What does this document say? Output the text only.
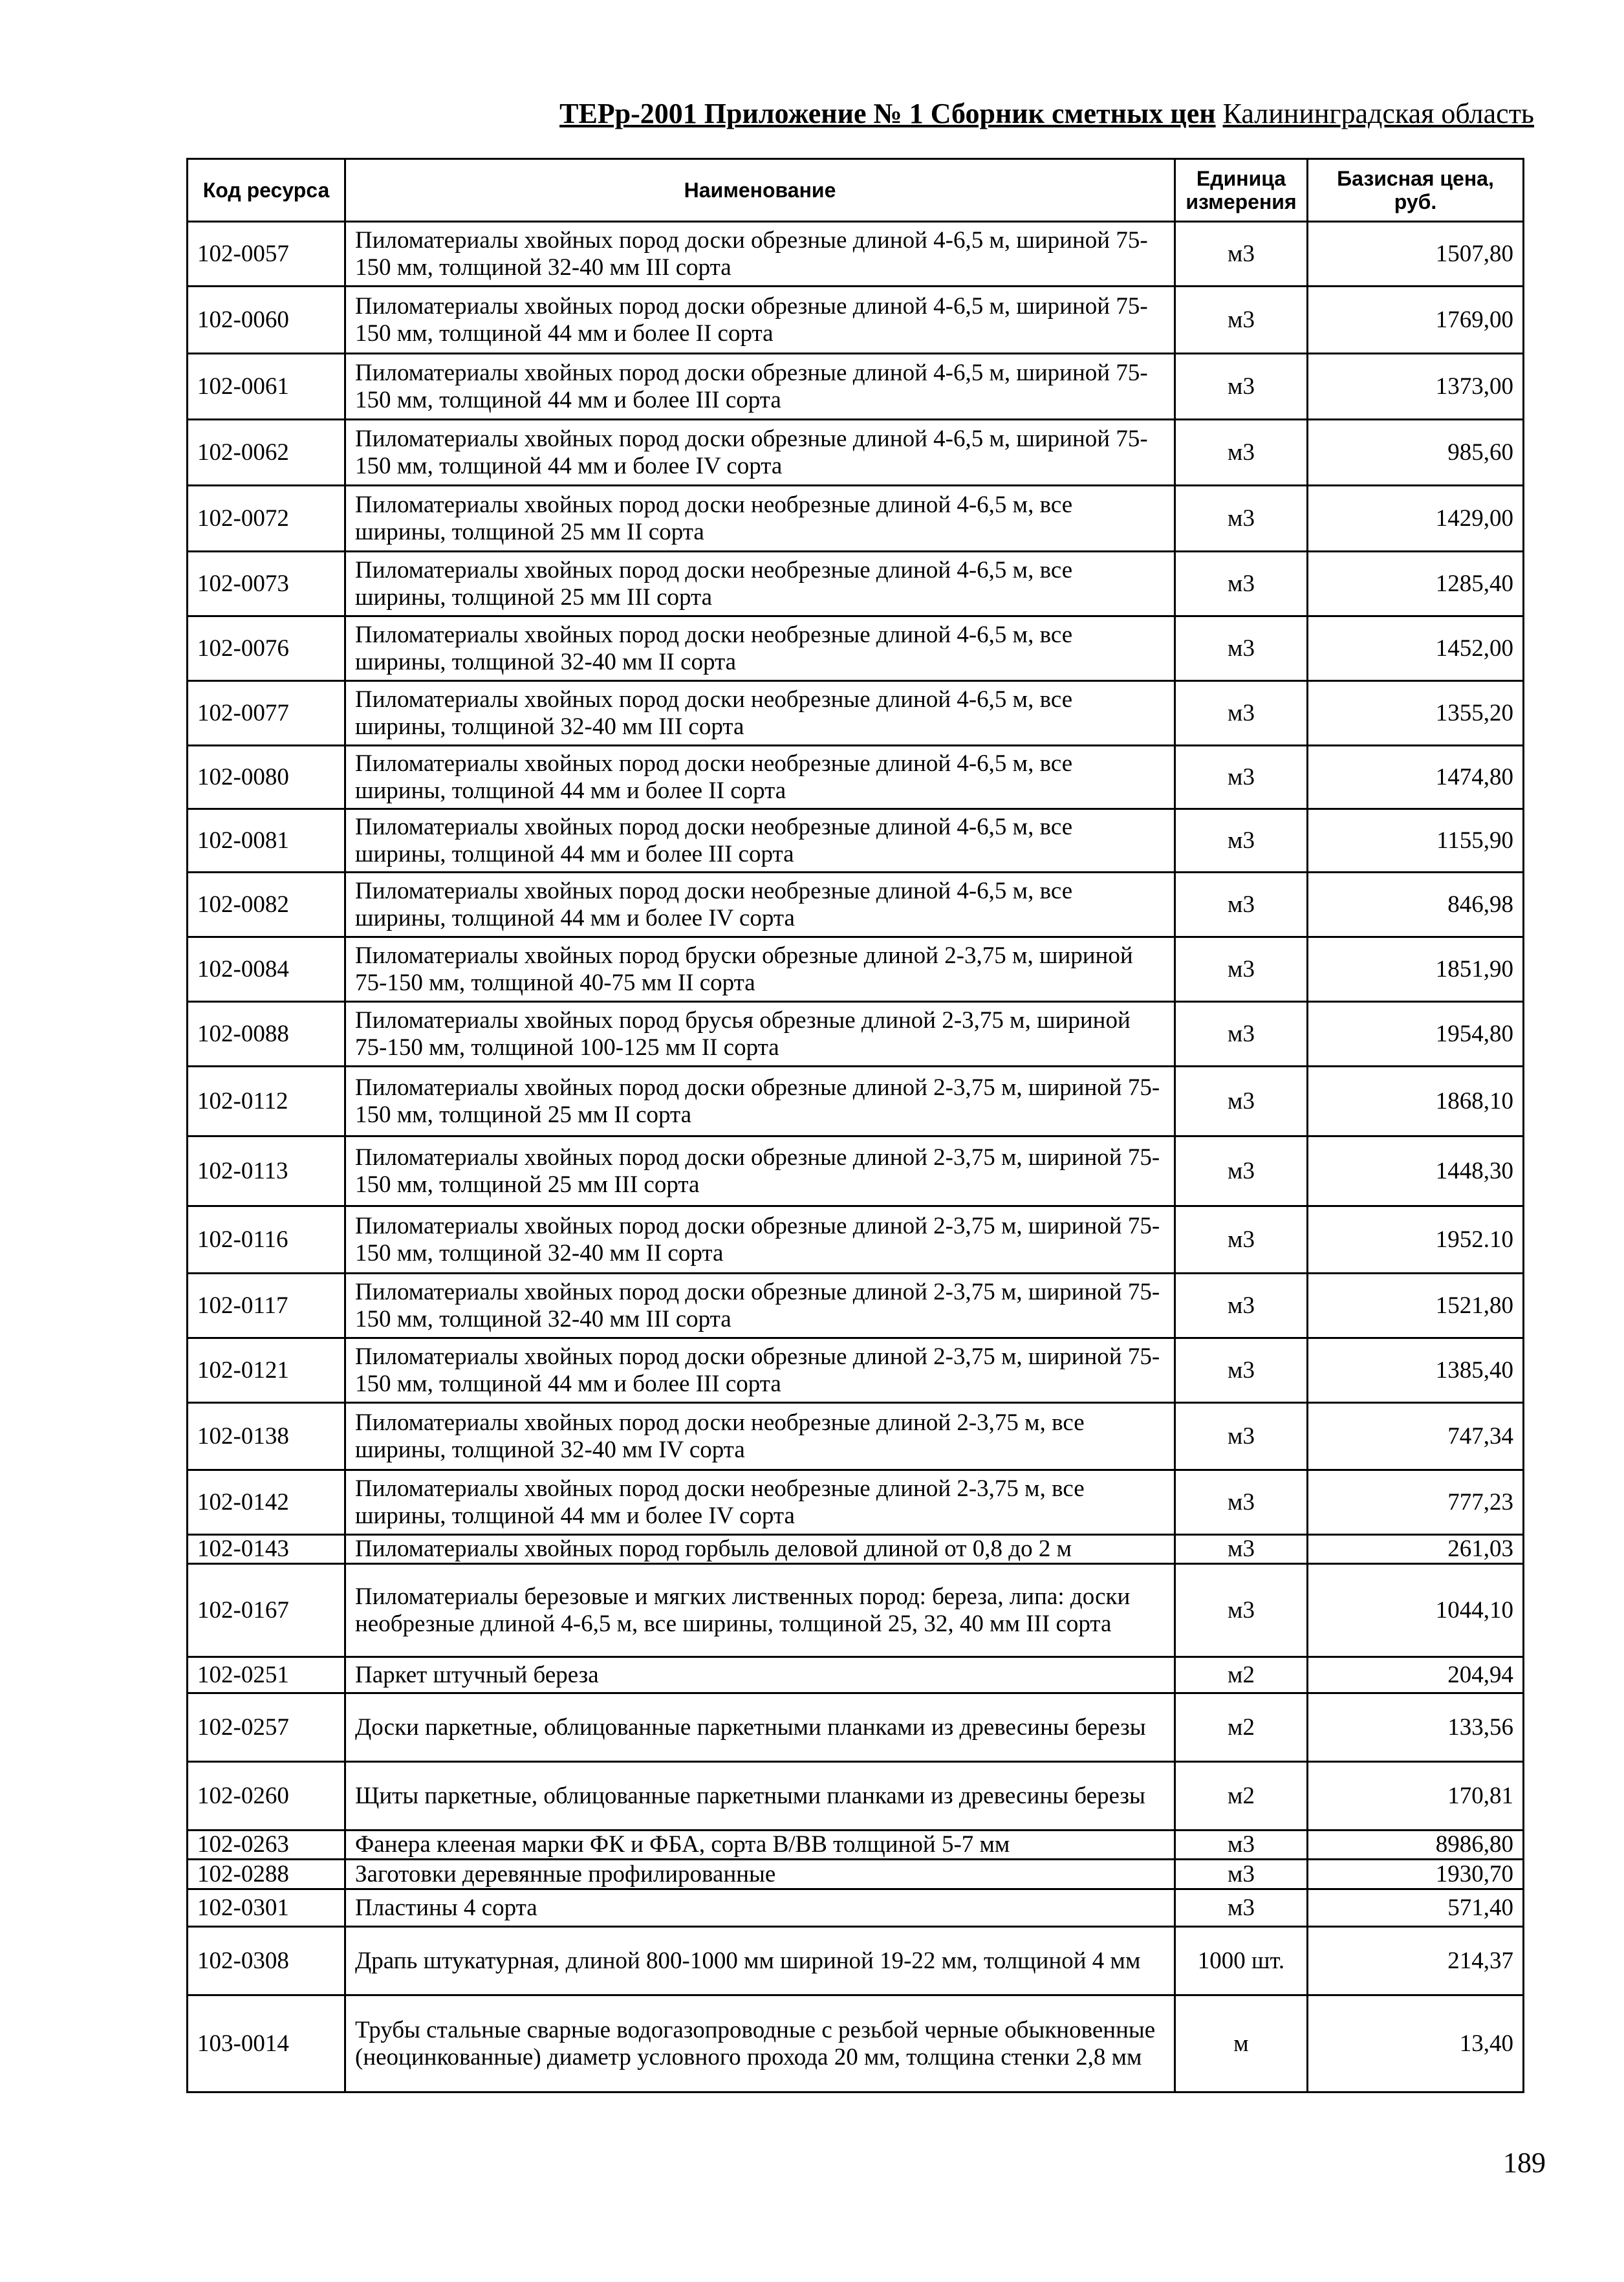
ТЕРр-2001 Приложение № 1 Сборник сметных цен Калининградская область
Код ресурса	Наименование	Единица измерения	Базисная цена, руб.
102-0057	Пиломатериалы хвойных пород доски обрезные длиной 4-6,5 м, шириной 75-150 мм, толщиной 32-40 мм III сорта	м3	1507,80
102-0060	Пиломатериалы хвойных пород доски обрезные длиной 4-6,5 м, шириной 75-150 мм, толщиной 44 мм и более II сорта	м3	1769,00
102-0061	Пиломатериалы хвойных пород доски обрезные длиной 4-6,5 м, шириной 75-150 мм, толщиной 44 мм и более III сорта	м3	1373,00
102-0062	Пиломатериалы хвойных пород доски обрезные длиной 4-6,5 м, шириной 75-150 мм, толщиной 44 мм и более IV сорта	м3	985,60
102-0072	Пиломатериалы хвойных пород доски необрезные длиной 4-6,5 м, все ширины, толщиной 25 мм II сорта	м3	1429,00
102-0073	Пиломатериалы хвойных пород доски необрезные длиной 4-6,5 м, все ширины, толщиной 25 мм III сорта	м3	1285,40
102-0076	Пиломатериалы хвойных пород доски необрезные длиной 4-6,5 м, все ширины, толщиной 32-40 мм II сорта	м3	1452,00
102-0077	Пиломатериалы хвойных пород доски необрезные длиной 4-6,5 м, все ширины, толщиной 32-40 мм III сорта	м3	1355,20
102-0080	Пиломатериалы хвойных пород доски необрезные длиной 4-6,5 м, все ширины, толщиной 44 мм и более II сорта	м3	1474,80
102-0081	Пиломатериалы хвойных пород доски необрезные длиной 4-6,5 м, все ширины, толщиной 44 мм и более III сорта	м3	1155,90
102-0082	Пиломатериалы хвойных пород доски необрезные длиной 4-6,5 м, все ширины, толщиной 44 мм и более IV сорта	м3	846,98
102-0084	Пиломатериалы хвойных пород бруски обрезные длиной 2-3,75 м, шириной 75-150 мм, толщиной 40-75 мм II сорта	м3	1851,90
102-0088	Пиломатериалы хвойных пород брусья обрезные длиной 2-3,75 м, шириной 75-150 мм, толщиной 100-125 мм II сорта	м3	1954,80
102-0112	Пиломатериалы хвойных пород доски обрезные длиной 2-3,75 м, шириной 75-150 мм, толщиной 25 мм II сорта	м3	1868,10
102-0113	Пиломатериалы хвойных пород доски обрезные длиной 2-3,75 м, шириной 75-150 мм, толщиной 25 мм III сорта	м3	1448,30
102-0116	Пиломатериалы хвойных пород доски обрезные длиной 2-3,75 м, шириной 75-150 мм, толщиной 32-40 мм II сорта	м3	1952.10
102-0117	Пиломатериалы хвойных пород доски обрезные длиной 2-3,75 м, шириной 75-150 мм, толщиной 32-40 мм III сорта	м3	1521,80
102-0121	Пиломатериалы хвойных пород доски обрезные длиной 2-3,75 м, шириной 75-150 мм, толщиной 44 мм и более III сорта	м3	1385,40
102-0138	Пиломатериалы хвойных пород доски необрезные длиной 2-3,75 м, все ширины, толщиной 32-40 мм IV сорта	м3	747,34
102-0142	Пиломатериалы хвойных пород доски необрезные длиной 2-3,75 м, все ширины, толщиной 44 мм и более IV сорта	м3	777,23
102-0143	Пиломатериалы хвойных пород горбыль деловой длиной от 0,8 до 2 м	м3	261,03
102-0167	Пиломатериалы березовые и мягких лиственных пород: береза, липа: доски необрезные длиной 4-6,5 м, все ширины, толщиной 25, 32, 40 мм III сорта	м3	1044,10
102-0251	Паркет штучный береза	м2	204,94
102-0257	Доски паркетные, облицованные паркетными планками из древесины березы	м2	133,56
102-0260	Щиты паркетные, облицованные паркетными планками из древесины березы	м2	170,81
102-0263	Фанера клееная марки ФК и ФБА, сорта В/ВВ толщиной 5-7 мм	м3	8986,80
102-0288	Заготовки деревянные профилированные	м3	1930,70
102-0301	Пластины 4 сорта	м3	571,40
102-0308	Драпь штукатурная, длиной 800-1000 мм шириной 19-22 мм, толщиной 4 мм	1000 шт.	214,37
103-0014	Трубы стальные сварные водогазопроводные с резьбой черные обыкновенные (неоцинкованные) диаметр условного прохода 20 мм, толщина стенки 2,8 мм	м	13,40
189
